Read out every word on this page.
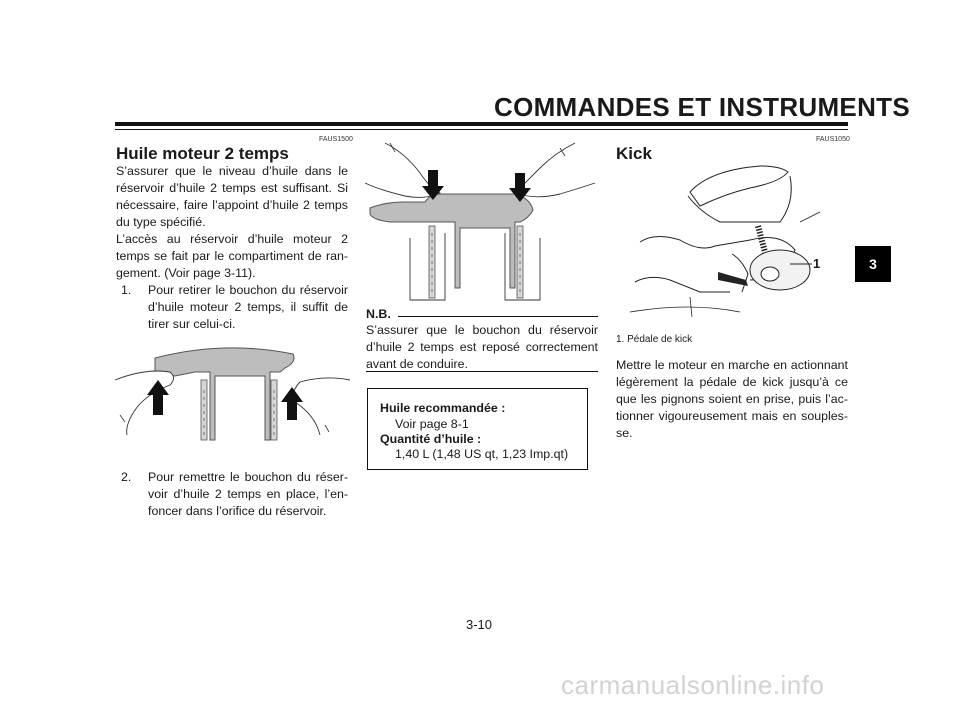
COMMANDES ET INSTRUMENTS
3
FAUS1500
Huile moteur 2 temps
S’assurer que le niveau d’huile dans le
réservoir d’huile 2 temps est suffisant. Si
nécessaire, faire l’appoint d’huile 2 temps
du type spécifié.
L’accès au réservoir d’huile moteur 2
temps se fait par le compartiment de ran-
gement. (Voir page 3-11).
1. Pour retirer le bouchon du réservoir
d’huile moteur 2 temps, il suffit de
tirer sur celui-ci.
2. Pour remettre le bouchon du réser-
voir d’huile 2 temps en place, l’en-
foncer dans l’orifice du réservoir.
N.B.
S’assurer que le bouchon du réservoir
d’huile 2 temps est reposé correctement
avant de conduire.
Huile recommandée :
Voir page 8-1
Quantité d’huile :
1,40 L (1,48 US qt, 1,23 Imp.qt)
FAUS1050
Kick
1
1. Pédale de kick
Mettre le moteur en marche en actionnant
légèrement la pédale de kick jusqu’à ce
que les pignons soient en prise, puis l’ac-
tionner vigoureusement mais en souples-
se.
3-10
carmanualsonline.info
